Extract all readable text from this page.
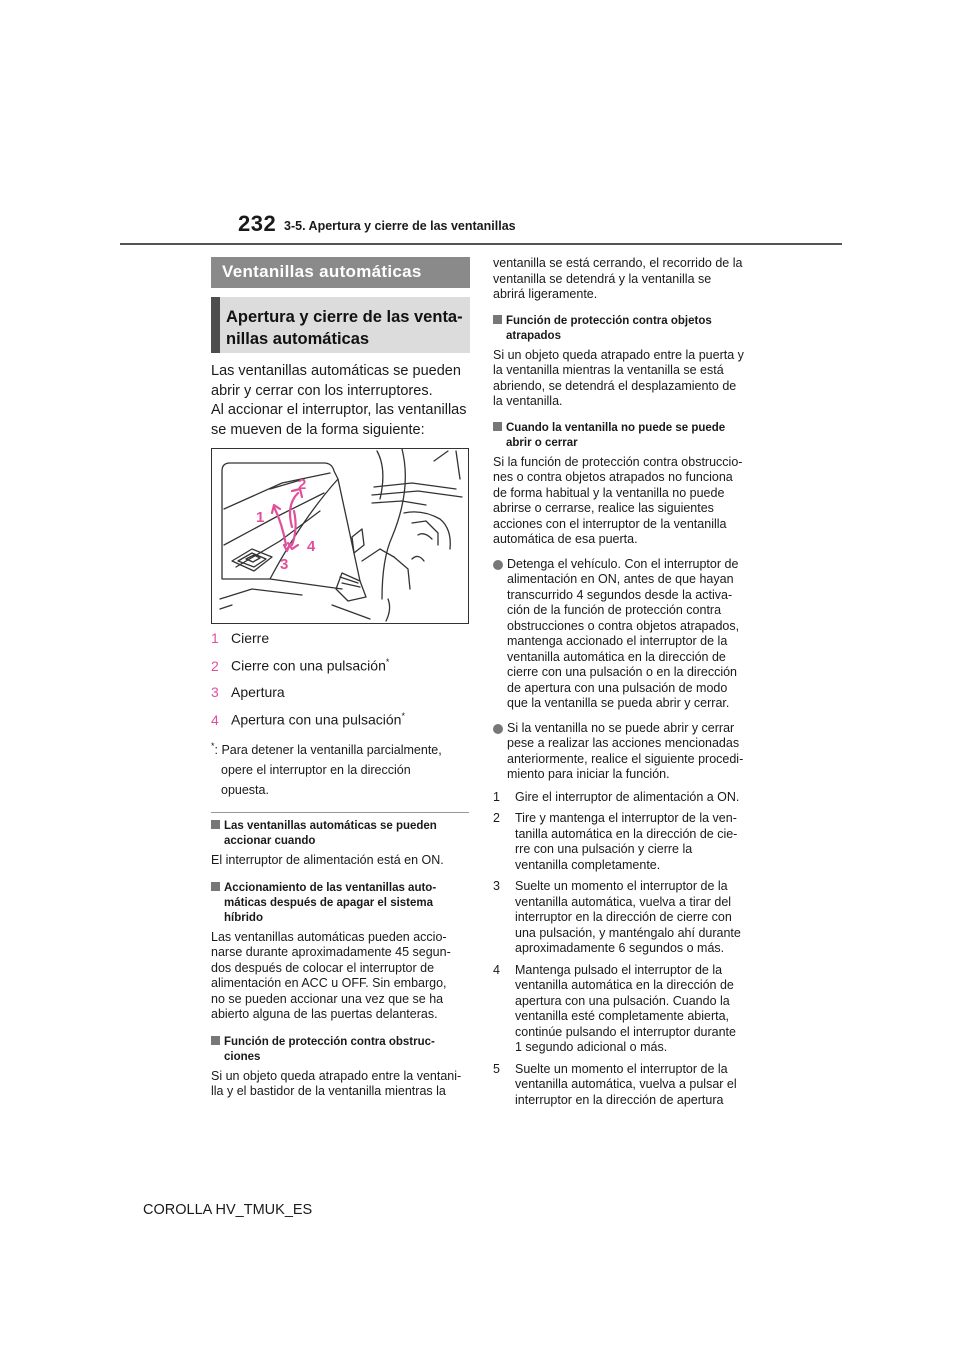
232 3-5. Apertura y cierre de las ventanillas
Ventanillas automáticas
Apertura y cierre de las venta-
nillas automáticas
Las ventanillas automáticas se pueden
abrir y cerrar con los interruptores.
Al accionar el interruptor, las ventanillas
se mueven de la forma siguiente:
2
1
3
4
1 Cierre
2 Cierre con una pulsación*
3 Apertura
4 Apertura con una pulsación*
*: Para detener la ventanilla parcialmente,
opere el interruptor en la dirección
opuesta.
Las ventanillas automáticas se pueden
accionar cuando
El interruptor de alimentación está en ON.
Accionamiento de las ventanillas auto-
máticas después de apagar el sistema
híbrido
Las ventanillas automáticas pueden accio-
narse durante aproximadamente 45 segun-
dos después de colocar el interruptor de
alimentación en ACC u OFF. Sin embargo,
no se pueden accionar una vez que se ha
abierto alguna de las puertas delanteras.
Función de protección contra obstruc-
ciones
Si un objeto queda atrapado entre la ventani-
lla y el bastidor de la ventanilla mientras la
ventanilla se está cerrando, el recorrido de la
ventanilla se detendrá y la ventanilla se
abrirá ligeramente.
Función de protección contra objetos
atrapados
Si un objeto queda atrapado entre la puerta y
la ventanilla mientras la ventanilla se está
abriendo, se detendrá el desplazamiento de
la ventanilla.
Cuando la ventanilla no puede se puede
abrir o cerrar
Si la función de protección contra obstruccio-
nes o contra objetos atrapados no funciona
de forma habitual y la ventanilla no puede
abrirse o cerrarse, realice las siguientes
acciones con el interruptor de la ventanilla
automática de esa puerta.
Detenga el vehículo. Con el interruptor de
alimentación en ON, antes de que hayan
transcurrido 4 segundos desde la activa-
ción de la función de protección contra
obstrucciones o contra objetos atrapados,
mantenga accionado el interruptor de la
ventanilla automática en la dirección de
cierre con una pulsación o en la dirección
de apertura con una pulsación de modo
que la ventanilla se pueda abrir y cerrar.
Si la ventanilla no se puede abrir y cerrar
pese a realizar las acciones mencionadas
anteriormente, realice el siguiente procedi-
miento para iniciar la función.
1 Gire el interruptor de alimentación a ON.
2 Tire y mantenga el interruptor de la ven-
tanilla automática en la dirección de cie-
rre con una pulsación y cierre la
ventanilla completamente.
3 Suelte un momento el interruptor de la
ventanilla automática, vuelva a tirar del
interruptor en la dirección de cierre con
una pulsación, y manténgalo ahí durante
aproximadamente 6 segundos o más.
4 Mantenga pulsado el interruptor de la
ventanilla automática en la dirección de
apertura con una pulsación. Cuando la
ventanilla esté completamente abierta,
continúe pulsando el interruptor durante
1 segundo adicional o más.
5 Suelte un momento el interruptor de la
ventanilla automática, vuelva a pulsar el
interruptor en la dirección de apertura
COROLLA HV_TMUK_ES
